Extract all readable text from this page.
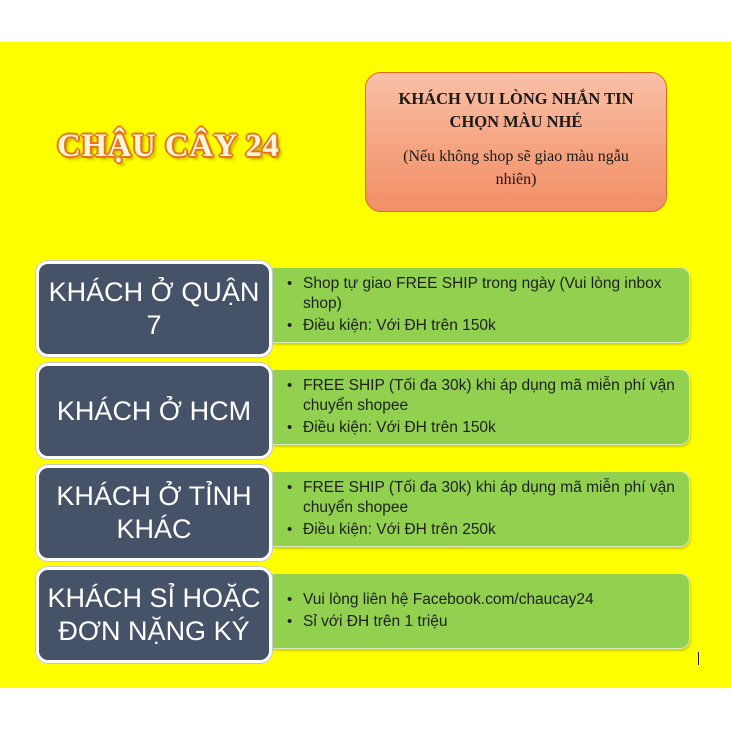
CHẬU CÂY 24
KHÁCH VUI LÒNG NHẮN TIN CHỌN MÀU NHÉ
(Nếu không shop sẽ giao màu ngẫu nhiên)
• Shop tự giao FREE SHIP trong ngày (Vui lòng inbox shop)
• Điều kiện: Với ĐH trên 150k
KHÁCH Ở QUẬN 7
• FREE SHIP (Tối đa 30k) khi áp dụng mã miễn phí vận chuyển shopee
• Điều kiện: Với ĐH trên 150k
KHÁCH Ở HCM
• FREE SHIP (Tối đa 30k) khi áp dụng mã miễn phí vận chuyển shopee
• Điều kiện: Với ĐH trên 250k
KHÁCH Ở TỈNH KHÁC
• Vui lòng liên hệ Facebook.com/chaucay24
• Sỉ với ĐH trên 1 triệu
KHÁCH SỈ HOẶC ĐƠN NẶNG KÝ
